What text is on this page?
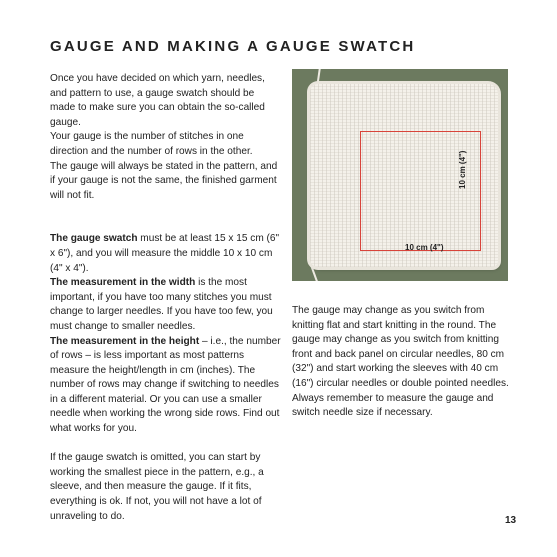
GAUGE AND MAKING A GAUGE SWATCH

Once you have decided on which yarn, needles, and pattern to use, a gauge swatch should be made to make sure you can obtain the so-called gauge.

Your gauge is the number of stitches in one direction and the number of rows in the other.

The gauge will always be stated in the pattern, and if your gauge is not the same, the finished garment will not fit.

The gauge swatch must be at least 15 x 15 cm (6" x 6"), and you will measure the middle 10 x 10 cm (4" x 4").

The measurement in the width is the most important, if you have too many stitches you must change to larger needles. If you have too few, you must change to smaller needles.

The measurement in the height – i.e., the number of rows – is less important as most patterns measure the height/length in cm (inches). The number of rows may change if switching to needles in a different material. Or you can use a smaller needle when working the wrong side rows. Find out what works for you.

If the gauge swatch is omitted, you can start by working the smallest piece in the pattern, e.g., a sleeve, and then measure the gauge. If it fits, everything is ok. If not, you will not have a lot of unraveling to do.

10 cm (4")
10 cm (4")

The gauge may change as you switch from knitting flat and start knitting in the round. The gauge may change as you switch from knitting front and back panel on circular needles, 80 cm (32") and start working the sleeves with 40 cm (16") circular needles or double pointed needles.

Always remember to measure the gauge and switch needle size if necessary.

13
